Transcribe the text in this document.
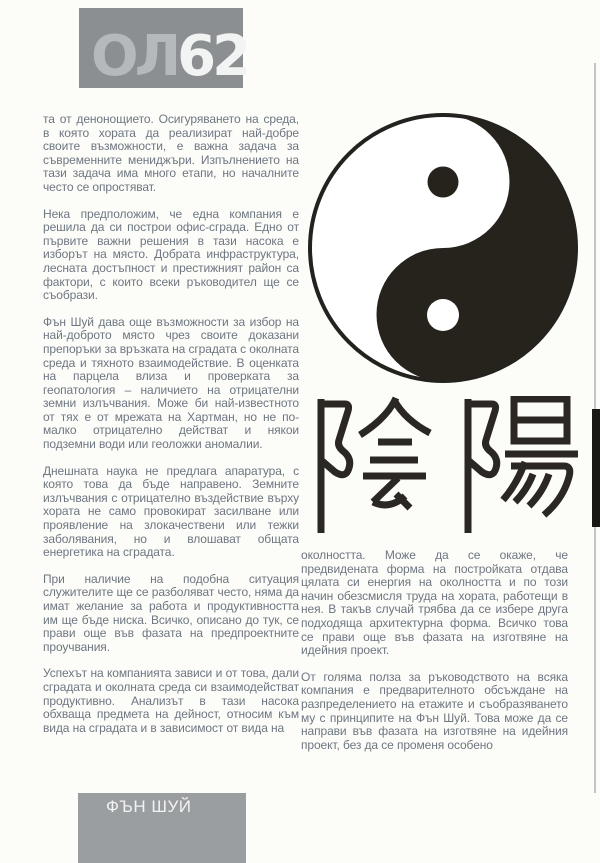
ОЛ62

та от денонощието. Осигуряването на среда, в която хората да реализират най-добре своите възможности, е важна задача за съвременните мениджъри. Изпълнението на тази задача има много етапи, но началните често се опростяват.

Нека предположим, че една компания е решила да си построи офис-сграда. Едно от първите важни решения в тази насока е изборът на място. Добрата инфраструктура, лесната достъпност и престижният район са фактори, с които всеки ръководител ще се съобрази.

Фън Шуй дава още възможности за избор на най-доброто място чрез своите доказани препоръки за връзката на сградата с околната среда и тяхното взаимодействие. В оценката на парцела влиза и проверката за геопатология – наличието на отрицателни земни излъчвания. Може би най-известното от тях е от мрежата на Хартман, но не по-малко отрицателно действат и някои подземни води или геоложки аномалии.

Днешната наука не предлага апаратура, с която това да бъде направено. Земните излъчвания с отрицателно въздействие върху хората не само провокират засилване или проявление на злокачествени или тежки заболявания, но и влошават общата енергетика на сградата.

При наличие на подобна ситуация служителите ще се разболяват често, няма да имат желание за работа и продуктивността им ще бъде ниска. Всичко, описано до тук, се прави още във фазата на предпроектните проучвания.

Успехът на компанията зависи и от това, дали сградата и околната среда си взаимодействат продуктивно. Анализът в тази насока обхваща предмета на дейност, относим към вида на сградата и в зависимост от вида на

околността. Може да се окаже, че предвидената форма на постройката отдава цялата си енергия на околността и по този начин обезсмисля труда на хората, работещи в нея. В такъв случай трябва да се избере друга подходяща архитектурна форма. Всичко това се прави още във фазата на изготвяне на идейния проект.

От голяма полза за ръководството на всяка компания е предварителното обсъждане на разпределението на етажите и съобразяването му с принципите на Фън Шуй. Това може да се направи във фазата на изготвяне на идейния проект, без да се променя особено

ФЪН ШУЙ
